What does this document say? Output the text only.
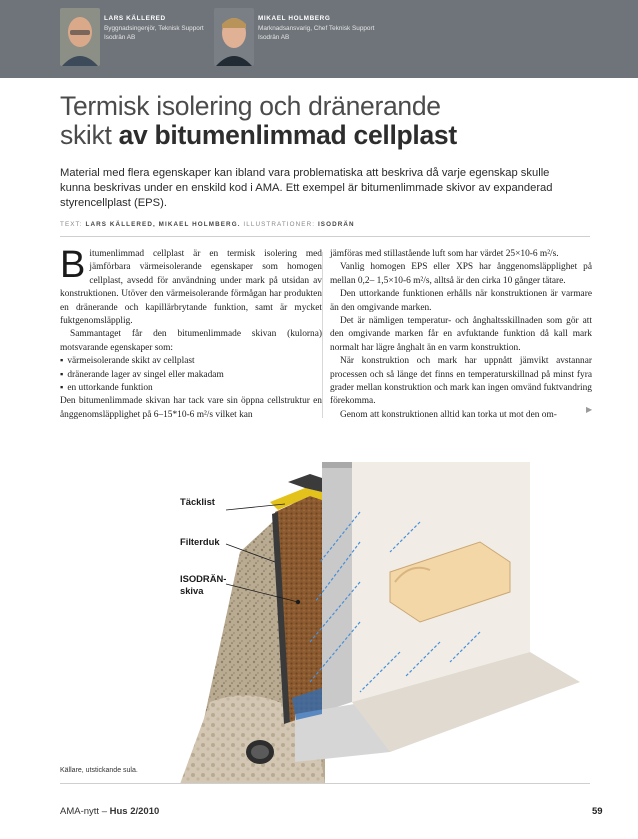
LARS KÄLLERED
Byggnadsingenjör, Teknisk Support
Isodrän AB
MIKAEL HOLMBERG
Marknadsansvarig, Chef Teknisk Support
Isodrän AB
Termisk isolering och dränerande
skikt av bitumenlimmad cellplast
Material med flera egenskaper kan ibland vara problematiska att beskriva då varje egenskap skulle kunna beskrivas under en enskild kod i AMA. Ett exempel är bitumenlimmade skivor av expanderad styrencellplast (EPS).
TEXT: LARS KÄLLERED, MIKAEL HOLMBERG. ILLUSTRATIONER: ISODRÄN

Bitumenlimmad cellplast är en termisk isolering med jämförbara värmeisolerande egenskaper som homogen cellplast, avsedd för användning under mark på utsidan av konstruktionen. Utöver den värmeisolerande förmågan har produkten en dränerande och kapillärbrytande funktion, samt är mycket fuktgenomsläpplig.

Sammantaget får den bitumenlimmade skivan (kulorna) motsvarande egenskaper som:

▪ värmeisolerande skikt av cellplast
▪ dränerande lager av singel eller makadam
▪ en uttorkande funktion

Den bitumenlimmade skivan har tack vare sin öppna cellstruktur en ånggenomsläpplighet på 6–15*10-6 m²/s vilket kan

jämföras med stillastående luft som har värdet 25×10-6 m²/s.

Vanlig homogen EPS eller XPS har ånggenomsläpplighet på mellan 0,2– 1,5×10-6 m²/s, alltså är den cirka 10 gånger tätare.

Den uttorkande funktionen erhålls när konstruktionen är varmare än den omgivande marken.

Det är nämligen temperatur- och ånghaltsskillnaden som gör att den omgivande marken får en avfuktande funktion då kall mark normalt har lägre ånghalt än en varm konstruktion.

När konstruktion och mark har uppnått jämvikt avstannar processen och så länge det finns en temperaturskillnad på minst fyra grader mellan konstruktion och mark kan ingen omvänd fuktvandring förekomma.

Genom att konstruktionen alltid kan torka ut mot den om-

▶
Täcklist
Filterduk
ISODRÄN-
skiva
Källare, utstickande sula.
AMA-nytt – Hus 2/2010	59
